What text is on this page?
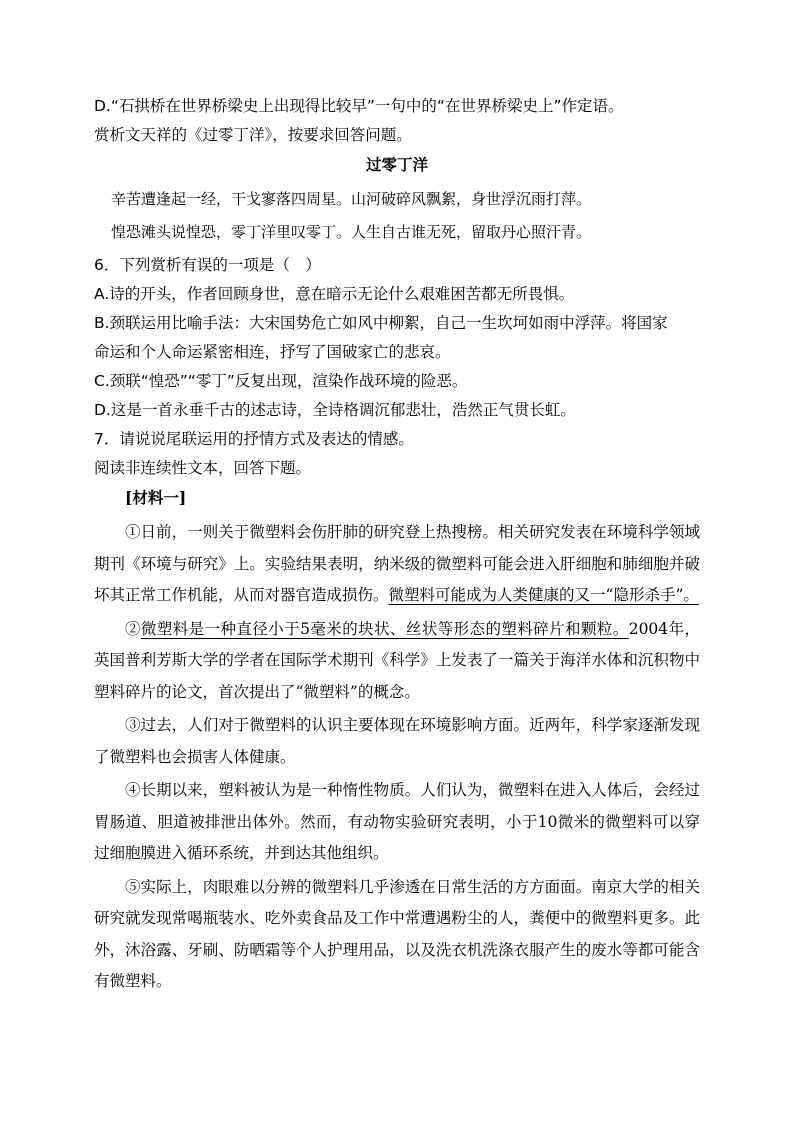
D.“石拱桥在世界桥梁史上出现得比较早”一句中的“在世界桥梁史上”作定语。

赏析文天祥的《过零丁洋》，按要求回答问题。

过零丁洋

辛苦遭逢起一经，干戈寥落四周星。山河破碎风飘絮，身世浮沉雨打萍。

惶恐滩头说惶恐，零丁洋里叹零丁。人生自古谁无死，留取丹心照汗青。

6．下列赏析有误的一项是（　）

A.诗的开头，作者回顾身世，意在暗示无论什么艰难困苦都无所畏惧。

B.颈联运用比喻手法：大宋国势危亡如风中柳絮，自己一生坎坷如雨中浮萍。将国家

命运和个人命运紧密相连，抒写了国破家亡的悲哀。

C.颈联“惶恐”“零丁”反复出现，渲染作战环境的险恶。

D.这是一首永垂千古的述志诗，全诗格调沉郁悲壮，浩然正气贯长虹。

7．请说说尾联运用的抒情方式及表达的情感。

阅读非连续性文本，回答下题。

[材料一]

①日前，一则关于微塑料会伤肝肺的研究登上热搜榜。相关研究发表在环境科学领域期刊《环境与研究》上。实验结果表明，纳米级的微塑料可能会进入肝细胞和肺细胞并破坏其正常工作机能，从而对器官造成损伤。微塑料可能成为人类健康的又一“隐形杀手”。

②微塑料是一种直径小于5毫米的块状、丝状等形态的塑料碎片和颗粒。2004年，英国普利芳斯大学的学者在国际学术期刊《科学》上发表了一篇关于海洋水体和沉积物中塑料碎片的论文，首次提出了“微塑料”的概念。

③过去，人们对于微塑料的认识主要体现在环境影响方面。近两年，科学家逐渐发现了微塑料也会损害人体健康。

④长期以来，塑料被认为是一种惰性物质。人们认为，微塑料在进入人体后，会经过胃肠道、胆道被排泄出体外。然而，有动物实验研究表明，小于10微米的微塑料可以穿过细胞膜进入循环系统，并到达其他组织。

⑤实际上，肉眼难以分辨的微塑料几乎渗透在日常生活的方方面面。南京大学的相关研究就发现常喝瓶装水、吃外卖食品及工作中常遭遇粉尘的人，粪便中的微塑料更多。此外，沐浴露、牙刷、防晒霜等个人护理用品，以及洗衣机洗涤衣服产生的废水等都可能含有微塑料。
